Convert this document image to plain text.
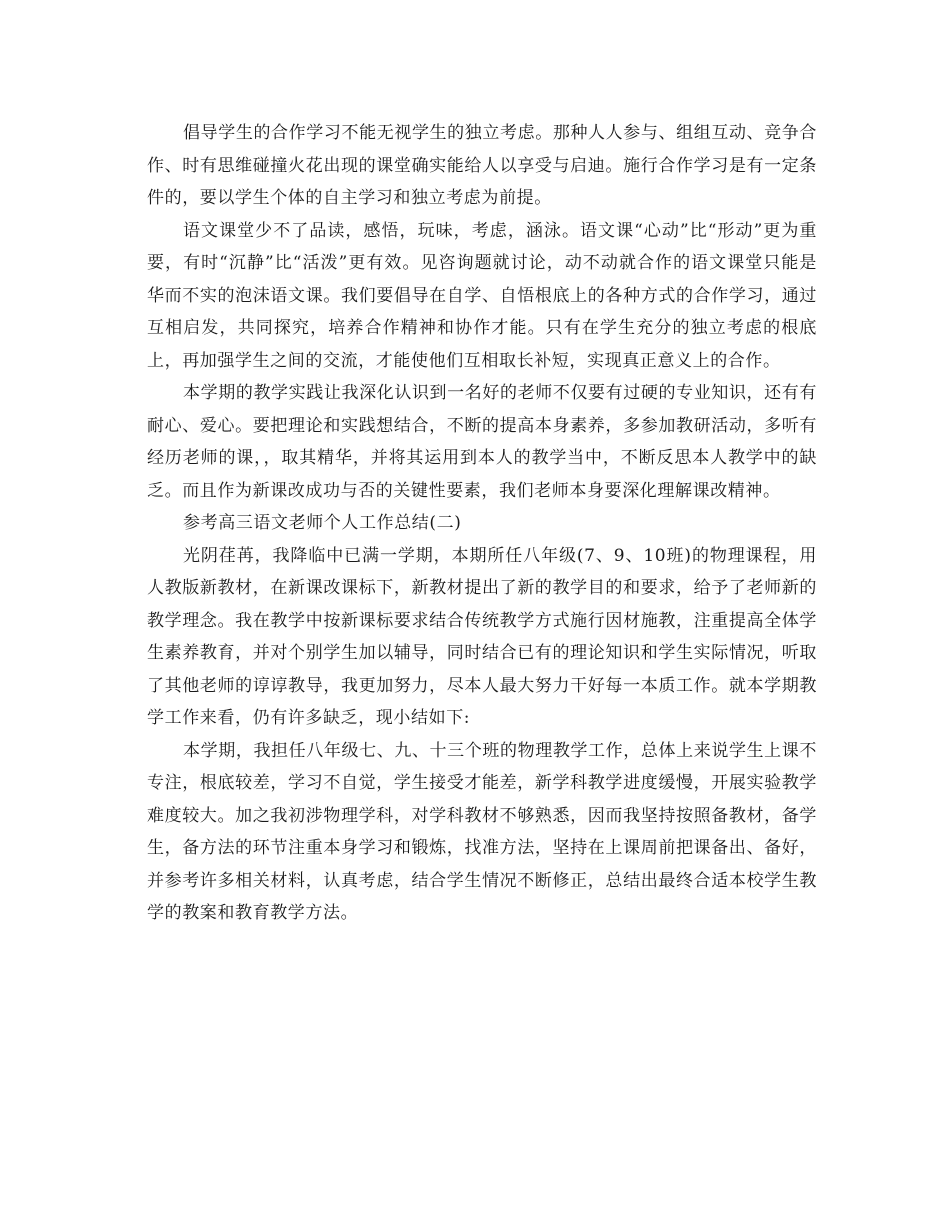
倡导学生的合作学习不能无视学生的独立考虑。那种人人参与、组组互动、竞争合作、时有思维碰撞火花出现的课堂确实能给人以享受与启迪。施行合作学习是有一定条件的，要以学生个体的自主学习和独立考虑为前提。

语文课堂少不了品读，感悟，玩味，考虑，涵泳。语文课“心动”比“形动”更为重要，有时“沉静”比“活泼”更有效。见咨询题就讨论，动不动就合作的语文课堂只能是华而不实的泡沫语文课。我们要倡导在自学、自悟根底上的各种方式的合作学习，通过互相启发，共同探究，培养合作精神和协作才能。只有在学生充分的独立考虑的根底上，再加强学生之间的交流，才能使他们互相取长补短，实现真正意义上的合作。

本学期的教学实践让我深化认识到一名好的老师不仅要有过硬的专业知识，还有有耐心、爱心。要把理论和实践想结合，不断的提高本身素养，多参加教研活动，多听有经历老师的课，，取其精华，并将其运用到本人的教学当中，不断反思本人教学中的缺乏。而且作为新课改成功与否的关键性要素，我们老师本身要深化理解课改精神。

参考高三语文老师个人工作总结(二)

光阴荏苒，我降临中已满一学期，本期所任八年级(7、9、10班)的物理课程，用人教版新教材，在新课改课标下，新教材提出了新的教学目的和要求，给予了老师新的教学理念。我在教学中按新课标要求结合传统教学方式施行因材施教，注重提高全体学生素养教育，并对个别学生加以辅导，同时结合已有的理论知识和学生实际情况，听取了其他老师的谆谆教导，我更加努力，尽本人最大努力干好每一本质工作。就本学期教学工作来看，仍有许多缺乏，现小结如下:

本学期，我担任八年级七、九、十三个班的物理教学工作，总体上来说学生上课不专注，根底较差，学习不自觉，学生接受才能差，新学科教学进度缓慢，开展实验教学难度较大。加之我初涉物理学科，对学科教材不够熟悉，因而我坚持按照备教材，备学生，备方法的环节注重本身学习和锻炼，找准方法，坚持在上课周前把课备出、备好，并参考许多相关材料，认真考虑，结合学生情况不断修正，总结出最终合适本校学生教学的教案和教育教学方法。
